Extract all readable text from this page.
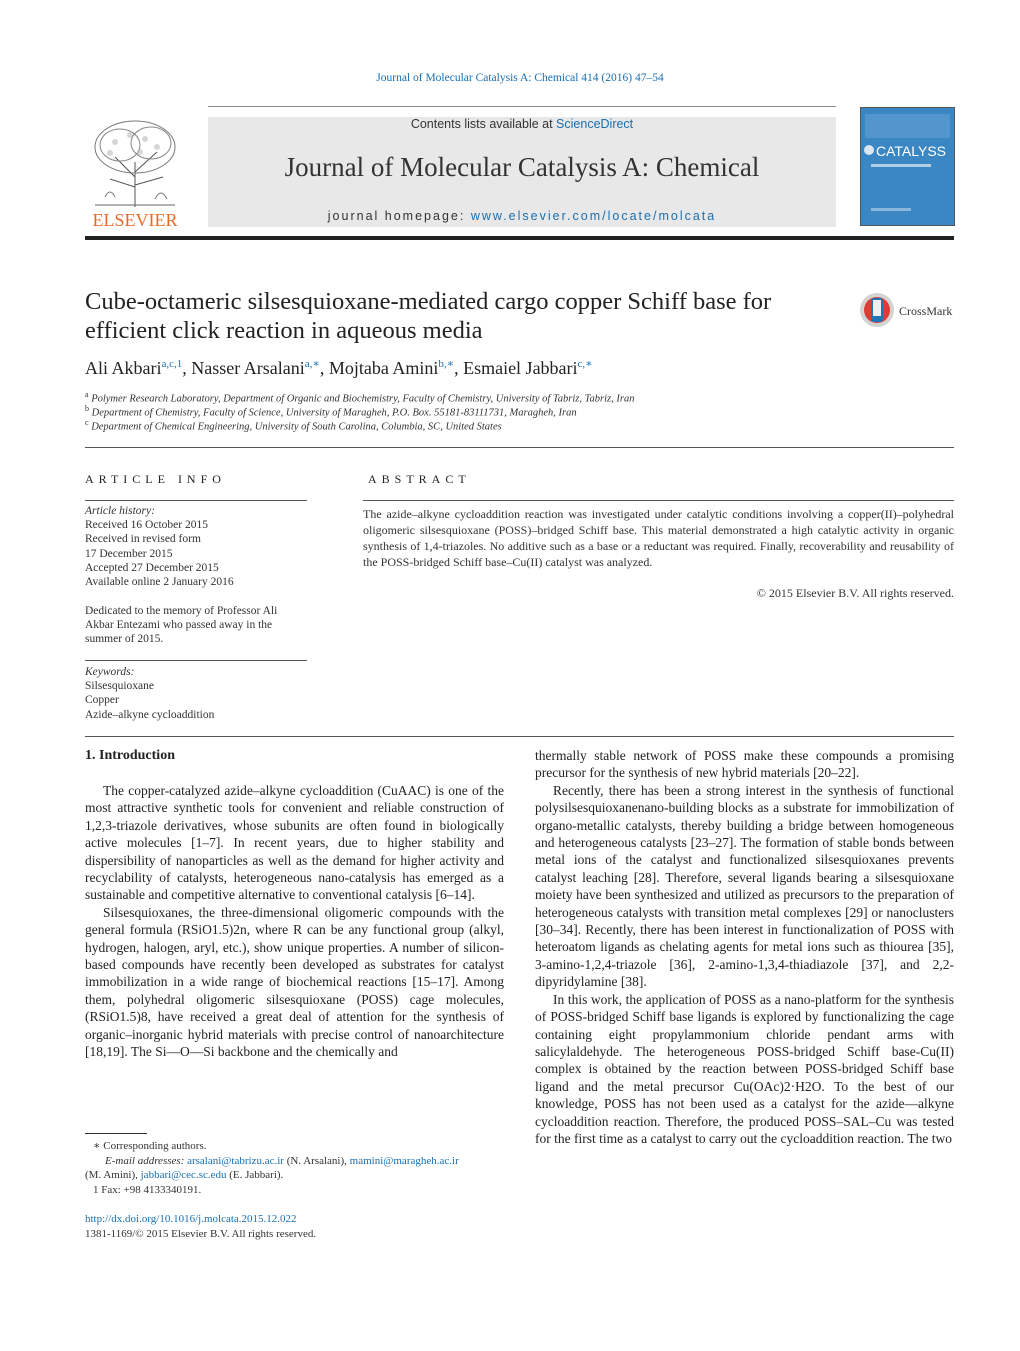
Journal of Molecular Catalysis A: Chemical 414 (2016) 47–54
ELSEVIER
Contents lists available at ScienceDirect
Journal of Molecular Catalysis A: Chemical
journal homepage: www.elsevier.com/locate/molcata
CATALYSS
Cube-octameric silsesquioxane-mediated cargo copper Schiff base for
efficient click reaction in aqueous media
CrossMark
Ali Akbari$^{a,c,1}$, Nasser Arsalani$^{a,∗}$, Mojtaba Amini$^{b,∗}$, Esmaiel Jabbari$^{c,∗}$
$^a$ Polymer Research Laboratory, Department of Organic and Biochemistry, Faculty of Chemistry, University of Tabriz, Tabriz, Iran
$^b$ Department of Chemistry, Faculty of Science, University of Maragheh, P.O. Box. 55181-83111731, Maragheh, Iran
$^c$ Department of Chemical Engineering, University of South Carolina, Columbia, SC, United States
ARTICLE INFO
Article history:
Received 16 October 2015
Received in revised form
17 December 2015
Accepted 27 December 2015
Available online 2 January 2016
Dedicated to the memory of Professor Ali
Akbar Entezami who passed away in the
summer of 2015.
Keywords:
Silsesquioxane
Copper
Azide–alkyne cycloaddition
ABSTRACT
The azide–alkyne cycloaddition reaction was investigated under catalytic conditions involving a copper(II)–polyhedral oligomeric silsesquioxane (POSS)–bridged Schiff base. This material demonstrated a high catalytic activity in organic synthesis of 1,4-triazoles. No additive such as a base or a reductant was required. Finally, recoverability and reusability of the POSS-bridged Schiff base–Cu(II) catalyst was analyzed.
© 2015 Elsevier B.V. All rights reserved.
1. Introduction

The copper-catalyzed azide–alkyne cycloaddition (CuAAC) is one of the most attractive synthetic tools for convenient and reliable construction of 1,2,3-triazole derivatives, whose subunits are often found in biologically active molecules [1–7]. In recent years, due to higher stability and dispersibility of nanoparticles as well as the demand for higher activity and recyclability of catalysts, heterogeneous nano-catalysis has emerged as a sustainable and competitive alternative to conventional catalysis [6–14].

Silsesquioxanes, the three-dimensional oligomeric compounds with the general formula (RSiO1.5)2n, where R can be any functional group (alkyl, hydrogen, halogen, aryl, etc.), show unique properties. A number of silicon-based compounds have recently been developed as substrates for catalyst immobilization in a wide range of biochemical reactions [15–17]. Among them, polyhedral oligomeric silsesquioxane (POSS) cage molecules, (RSiO1.5)8, have received a great deal of attention for the synthesis of organic–inorganic hybrid materials with precise control of nanoarchitecture [18,19]. The Si—O—Si backbone and the chemically and

thermally stable network of POSS make these compounds a promising precursor for the synthesis of new hybrid materials [20–22].

Recently, there has been a strong interest in the synthesis of functional polysilsesquioxanenano-building blocks as a substrate for immobilization of organo-metallic catalysts, thereby building a bridge between homogeneous and heterogeneous catalysts [23–27]. The formation of stable bonds between metal ions of the catalyst and functionalized silsesquioxanes prevents catalyst leaching [28]. Therefore, several ligands bearing a silsesquioxane moiety have been synthesized and utilized as precursors to the preparation of heterogeneous catalysts with transition metal complexes [29] or nanoclusters [30–34]. Recently, there has been interest in functionalization of POSS with heteroatom ligands as chelating agents for metal ions such as thiourea [35], 3-amino-1,2,4-triazole [36], 2-amino-1,3,4-thiadiazole [37], and 2,2-dipyridylamine [38].

In this work, the application of POSS as a nano-platform for the synthesis of POSS-bridged Schiff base ligands is explored by functionalizing the cage containing eight propylammonium chloride pendant arms with salicylaldehyde. The heterogeneous POSS-bridged Schiff base-Cu(II) complex is obtained by the reaction between POSS-bridged Schiff base ligand and the metal precursor Cu(OAc)2·H2O. To the best of our knowledge, POSS has not been used as a catalyst for the azide—alkyne cycloaddition reaction. Therefore, the produced POSS–SAL–Cu was tested for the first time as a catalyst to carry out the cycloaddition reaction. The two

∗ Corresponding authors.
E-mail addresses: arsalani@tabrizu.ac.ir (N. Arsalani), mamini@maragheh.ac.ir
(M. Amini), jabbari@cec.sc.edu (E. Jabbari).
1 Fax: +98 4133340191.
http://dx.doi.org/10.1016/j.molcata.2015.12.022
1381-1169/© 2015 Elsevier B.V. All rights reserved.
